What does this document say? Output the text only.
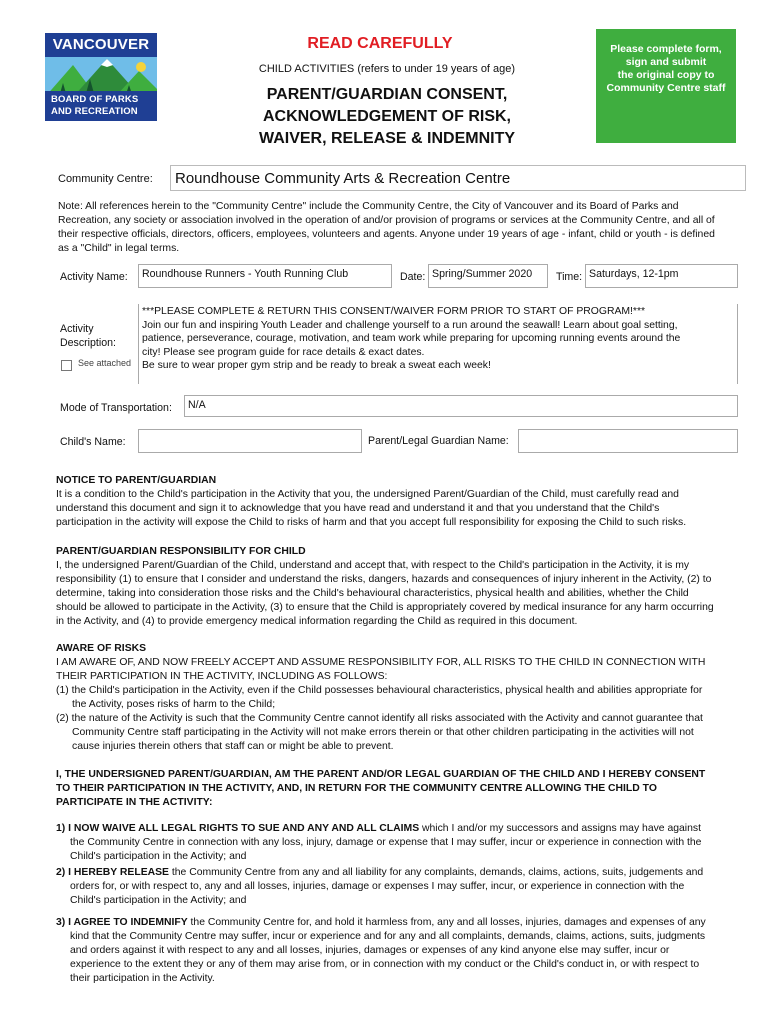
VANCOUVER
BOARD OF PARKS
AND RECREATION
READ CAREFULLY
CHILD ACTIVITIES (refers to under 19 years of age)
PARENT/GUARDIAN CONSENT,
ACKNOWLEDGEMENT OF RISK,
WAIVER, RELEASE & INDEMNITY
Please complete form,
sign and submit
the original copy to
Community Centre staff
Community Centre:	Roundhouse Community Arts & Recreation Centre
Note: All references herein to the "Community Centre" include the Community Centre, the City of Vancouver and its Board of Parks and Recreation, any society or association involved in the operation of and/or provision of programs or services at the Community Centre, and all of their respective officials, directors, officers, employees, volunteers and agents. Anyone under 19 years of age - infant, child or youth - is defined as a "Child" in legal terms.
Activity Name:	Roundhouse Runners - Youth Running Club	Date: Spring/Summer 2020	Time: Saturdays, 12-1pm
Activity
Description:
See attached
***PLEASE COMPLETE & RETURN THIS CONSENT/WAIVER FORM PRIOR TO START OF PROGRAM!***
Join our fun and inspiring Youth Leader and challenge yourself to a run around the seawall! Learn about goal setting,
patience, perseverance, courage, motivation, and team work while preparing for upcoming running events around the
city! Please see program guide for race details & exact dates.
Be sure to wear proper gym strip and be ready to break a sweat each week!
Mode of Transportation:	N/A
Child's Name:	Parent/Legal Guardian Name:
NOTICE TO PARENT/GUARDIAN

It is a condition to the Child's participation in the Activity that you, the undersigned Parent/Guardian of the Child, must carefully read and understand this document and sign it to acknowledge that you have read and understand it and that you understand that the Child's participation in the activity will expose the Child to risks of harm and that you accept full responsibility for exposing the Child to such risks.

PARENT/GUARDIAN RESPONSIBILITY FOR CHILD

I, the undersigned Parent/Guardian of the Child, understand and accept that, with respect to the Child's participation in the Activity, it is my responsibility (1) to ensure that I consider and understand the risks, dangers, hazards and consequences of injury inherent in the Activity, (2) to determine, taking into consideration those risks and the Child's behavioural characteristics, physical health and abilities, whether the Child should be allowed to participate in the Activity, (3) to ensure that the Child is appropriately covered by medical insurance for any harm occurring in the Activity, and (4) to provide emergency medical information regarding the Child as required in this document.

AWARE OF RISKS

I AM AWARE OF, AND NOW FREELY ACCEPT AND ASSUME RESPONSIBILITY FOR, ALL RISKS TO THE CHILD IN CONNECTION WITH THEIR PARTICIPATION IN THE ACTIVITY, INCLUDING AS FOLLOWS:

(1) the Child's participation in the Activity, even if the Child possesses behavioural characteristics, physical health and abilities appropriate for the Activity, poses risks of harm to the Child;

(2) the nature of the Activity is such that the Community Centre cannot identify all risks associated with the Activity and cannot guarantee that Community Centre staff participating in the Activity will not make errors therein or that other children participating in the activities will not cause injuries therein others that staff can or might be able to prevent.

I, THE UNDERSIGNED PARENT/GUARDIAN, AM THE PARENT AND/OR LEGAL GUARDIAN OF THE CHILD AND I HEREBY CONSENT TO THEIR PARTICIPATION IN THE ACTIVITY, AND, IN RETURN FOR THE COMMUNITY CENTRE ALLOWING THE CHILD TO PARTICIPATE IN THE ACTIVITY:
1) I NOW WAIVE ALL LEGAL RIGHTS TO SUE AND ANY AND ALL CLAIMS which I and/or my successors and assigns may have against the Community Centre in connection with any loss, injury, damage or expense that I may suffer, incur or experience in connection with the Child's participation in the Activity; and
2) I HEREBY RELEASE the Community Centre from any and all liability for any complaints, demands, claims, actions, suits, judgements and orders for, or with respect to, any and all losses, injuries, damage or expenses I may suffer, incur, or experience in connection with the Child's participation in the Activity; and
3) I AGREE TO INDEMNIFY the Community Centre for, and hold it harmless from, any and all losses, injuries, damages and expenses of any kind that the Community Centre may suffer, incur or experience and for any and all complaints, demands, claims, actions, suits, judgments and orders against it with respect to any and all losses, injuries, damages or expenses of any kind anyone else may suffer, incur or experience to the extent they or any of them may arise from, or in connection with my conduct or the Child's conduct in, or with respect to their participation in the Activity.
